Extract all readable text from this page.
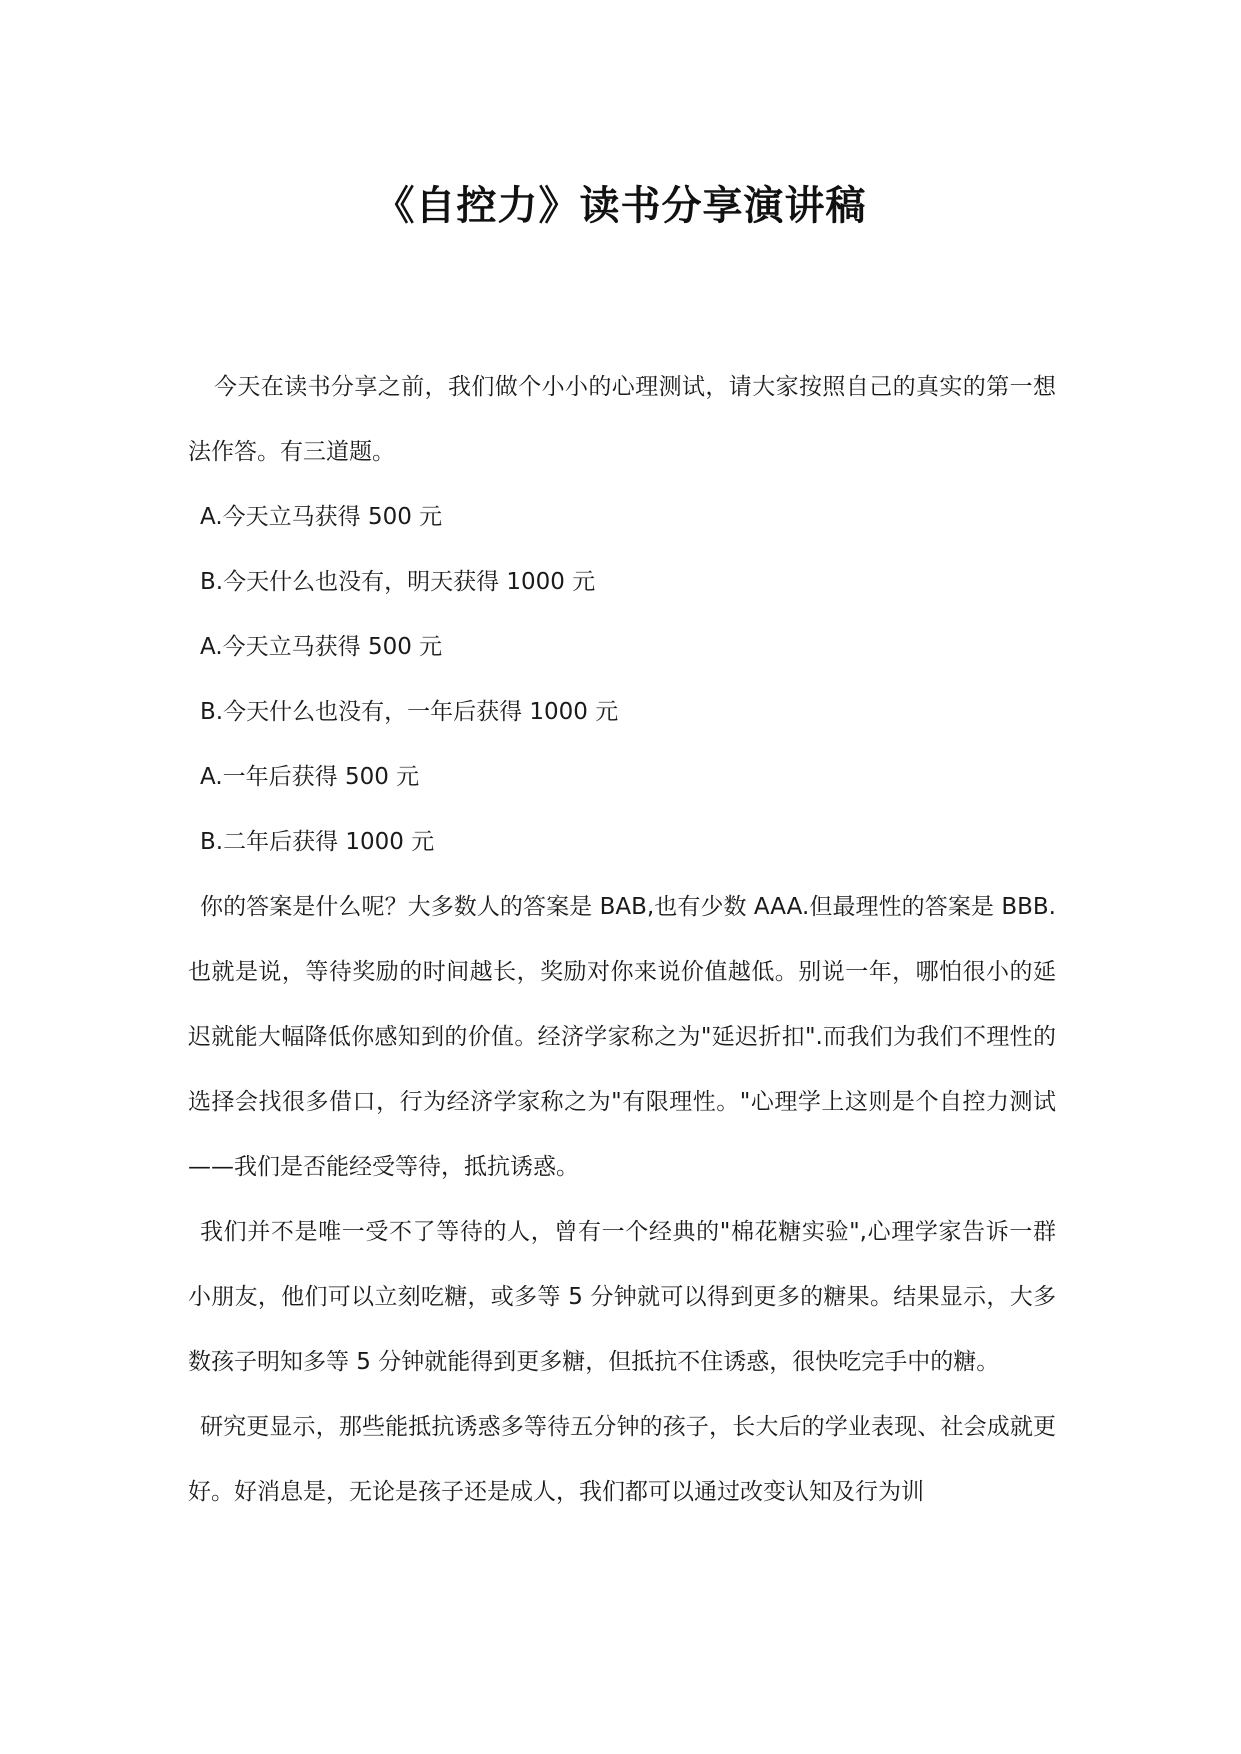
《自控力》读书分享演讲稿

今天在读书分享之前，我们做个小小的心理测试，请大家按照自己的真实的第一想法作答。有三道题。

A.今天立马获得 500 元

B.今天什么也没有，明天获得 1000 元

A.今天立马获得 500 元

B.今天什么也没有，一年后获得 1000 元

A.一年后获得 500 元

B.二年后获得 1000 元

你的答案是什么呢？大多数人的答案是 BAB,也有少数 AAA.但最理性的答案是 BBB.也就是说，等待奖励的时间越长，奖励对你来说价值越低。别说一年，哪怕很小的延迟就能大幅降低你感知到的价值。经济学家称之为"延迟折扣".而我们为我们不理性的选择会找很多借口，行为经济学家称之为"有限理性。"心理学上这则是个自控力测试——我们是否能经受等待，抵抗诱惑。

我们并不是唯一受不了等待的人，曾有一个经典的"棉花糖实验",心理学家告诉一群小朋友，他们可以立刻吃糖，或多等 5 分钟就可以得到更多的糖果。结果显示，大多数孩子明知多等 5 分钟就能得到更多糖，但抵抗不住诱惑，很快吃完手中的糖。

研究更显示，那些能抵抗诱惑多等待五分钟的孩子，长大后的学业表现、社会成就更好。好消息是，无论是孩子还是成人，我们都可以通过改变认知及行为训
